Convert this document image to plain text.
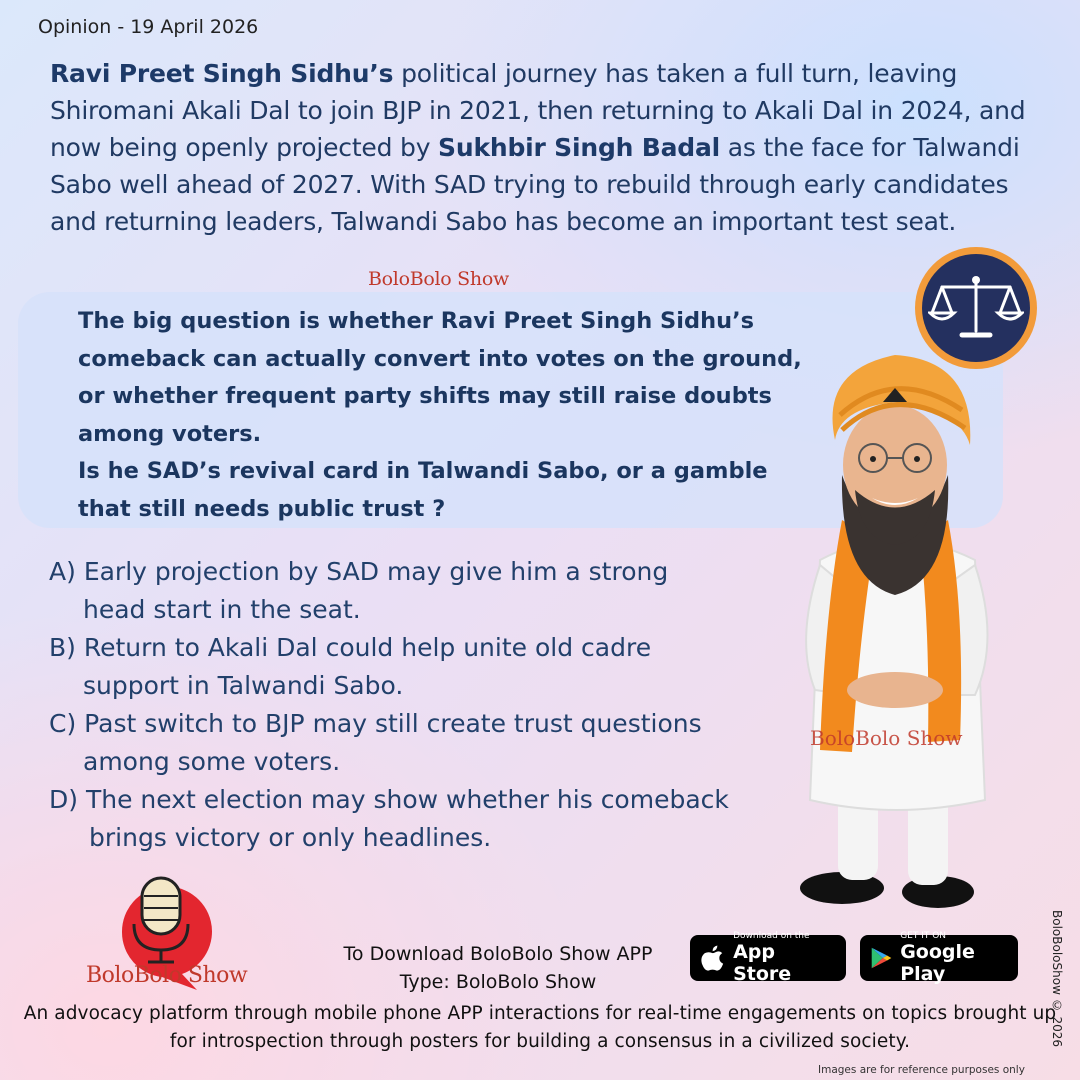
Opinion - 19 April 2026

Ravi Preet Singh Sidhu’s political journey has taken a full turn, leaving Shiromani Akali Dal to join BJP in 2021, then returning to Akali Dal in 2024, and now being openly projected by Sukhbir Singh Badal as the face for Talwandi Sabo well ahead of 2027. With SAD trying to rebuild through early candidates and returning leaders, Talwandi Sabo has become an important test seat.

BoloBolo Show
The big question is whether Ravi Preet Singh Sidhu’s comeback can actually convert into votes on the ground, or whether frequent party shifts may still raise doubts among voters.
Is he SAD’s revival card in Talwandi Sabo, or a gamble that still needs public trust ?
A) Early projection by SAD may give him a strong
head start in the seat.
B) Return to Akali Dal could help unite old cadre
support in Talwandi Sabo.
C) Past switch to BJP may still create trust questions
among some voters.
D) The next election may show whether his comeback
brings victory or only headlines.
BoloBolo Show
BoloBolo Show
To Download BoloBolo Show APP
Type: BoloBolo Show
Download on the
App Store
GET IT ON
Google Play
An advocacy platform through mobile phone APP interactions for real-time engagements on topics brought up for introspection through posters for building a consensus in a civilized society.	BoloBoloShow © 2026
Images are for reference purposes only
